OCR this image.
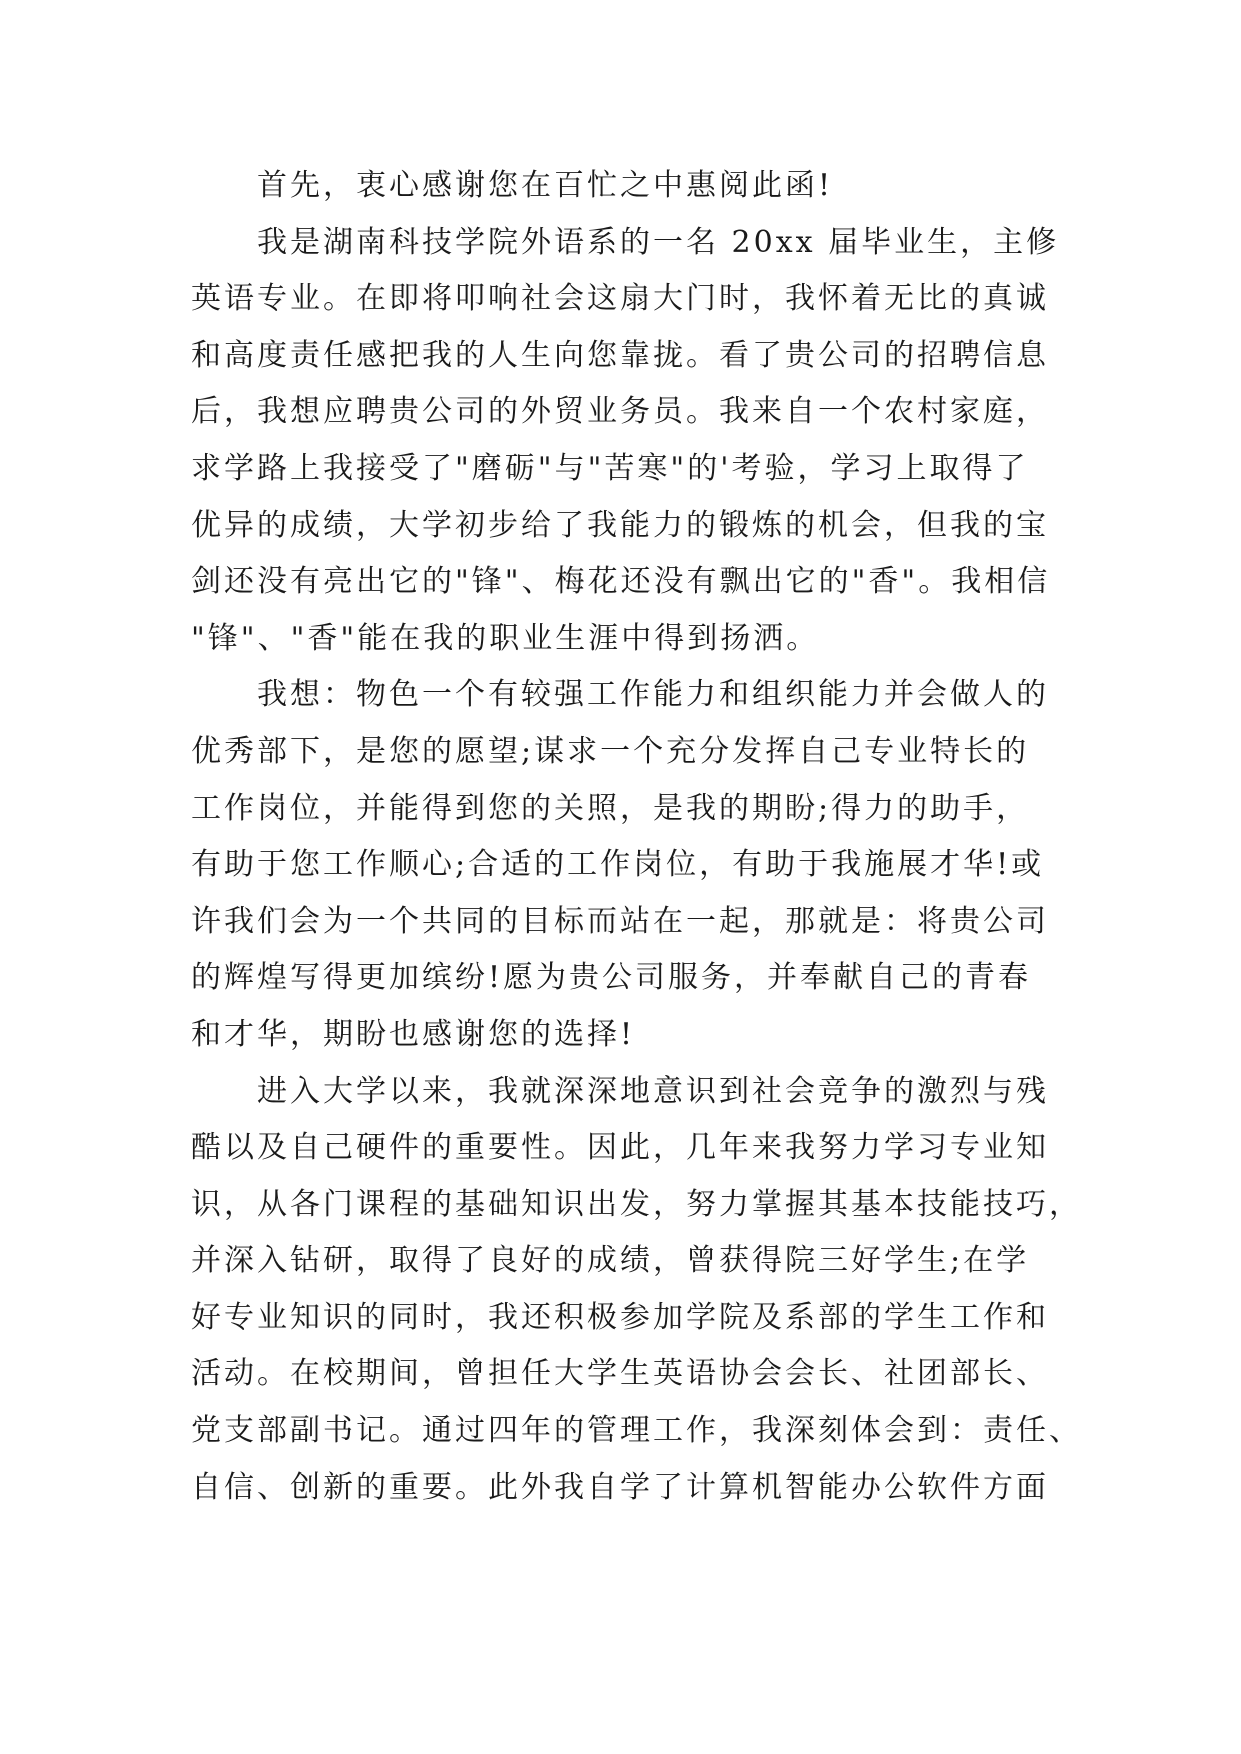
首先，衷心感谢您在百忙之中惠阅此函!
我是湖南科技学院外语系的一名 20xx 届毕业生，主修
英语专业。在即将叩响社会这扇大门时，我怀着无比的真诚
和高度责任感把我的人生向您靠拢。看了贵公司的招聘信息
后，我想应聘贵公司的外贸业务员。我来自一个农村家庭，
求学路上我接受了"磨砺"与"苦寒"的'考验，学习上取得了
优异的成绩，大学初步给了我能力的锻炼的机会，但我的宝
剑还没有亮出它的"锋"、梅花还没有飘出它的"香"。我相信
"锋"、"香"能在我的职业生涯中得到扬洒。
我想：物色一个有较强工作能力和组织能力并会做人的
优秀部下，是您的愿望;谋求一个充分发挥自己专业特长的
工作岗位，并能得到您的关照，是我的期盼;得力的助手，
有助于您工作顺心;合适的工作岗位，有助于我施展才华!或
许我们会为一个共同的目标而站在一起，那就是：将贵公司
的辉煌写得更加缤纷!愿为贵公司服务，并奉献自己的青春
和才华，期盼也感谢您的选择!
进入大学以来，我就深深地意识到社会竞争的激烈与残
酷以及自己硬件的重要性。因此，几年来我努力学习专业知
识，从各门课程的基础知识出发，努力掌握其基本技能技巧，
并深入钻研，取得了良好的成绩，曾获得院三好学生;在学
好专业知识的同时，我还积极参加学院及系部的学生工作和
活动。在校期间，曾担任大学生英语协会会长、社团部长、
党支部副书记。通过四年的管理工作，我深刻体会到：责任、
自信、创新的重要。此外我自学了计算机智能办公软件方面
